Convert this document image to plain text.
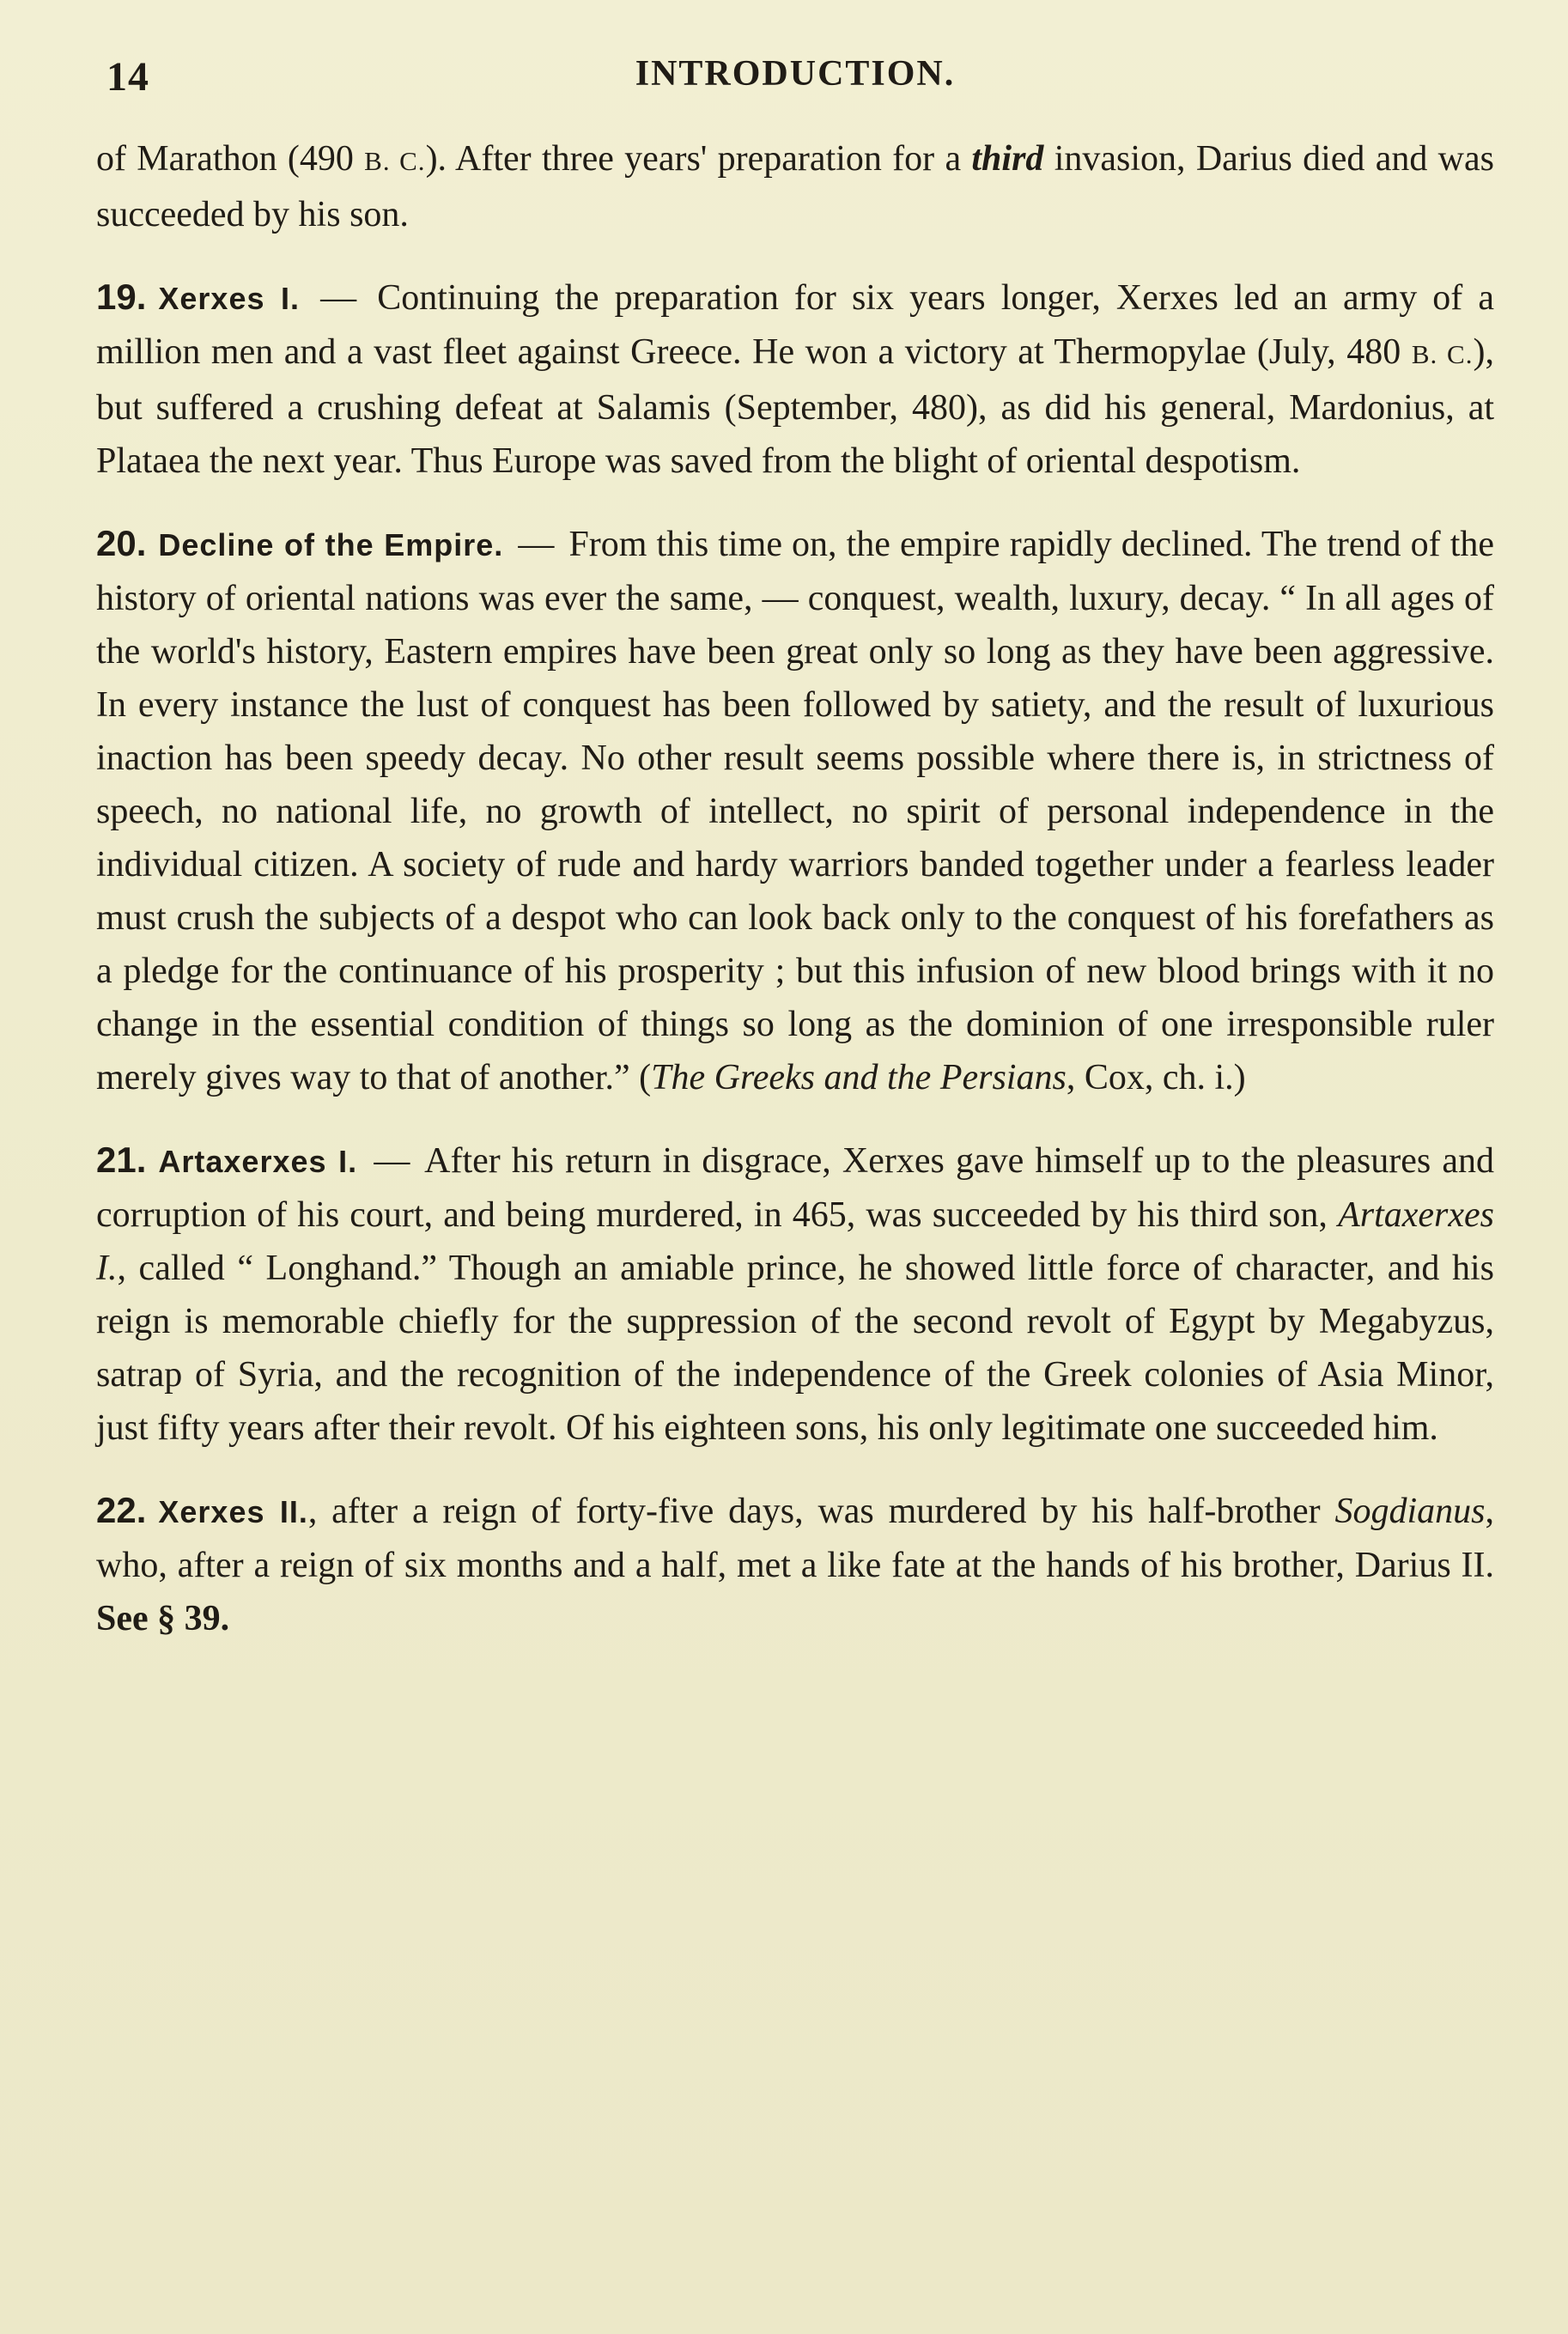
14	INTRODUCTION.

of Marathon (490 B. C.). After three years' preparation for a third invasion, Darius died and was succeeded by his son.

19. Xerxes I. — Continuing the preparation for six years longer, Xerxes led an army of a million men and a vast fleet against Greece. He won a victory at Thermopylae (July, 480 B. C.), but suffered a crushing defeat at Salamis (September, 480), as did his general, Mardonius, at Plataea the next year. Thus Europe was saved from the blight of oriental despotism.

20. Decline of the Empire. — From this time on, the empire rapidly declined. The trend of the history of oriental nations was ever the same, — conquest, wealth, luxury, decay. “ In all ages of the world's history, Eastern empires have been great only so long as they have been aggressive. In every instance the lust of conquest has been followed by satiety, and the result of luxurious inaction has been speedy decay. No other result seems possible where there is, in strictness of speech, no national life, no growth of intellect, no spirit of personal independence in the individual citizen. A society of rude and hardy warriors banded together under a fearless leader must crush the subjects of a despot who can look back only to the conquest of his forefathers as a pledge for the continuance of his prosperity ; but this infusion of new blood brings with it no change in the essential condition of things so long as the dominion of one irresponsible ruler merely gives way to that of another.” (The Greeks and the Persians, Cox, ch. i.)

21. Artaxerxes I. — After his return in disgrace, Xerxes gave himself up to the pleasures and corruption of his court, and being murdered, in 465, was succeeded by his third son, Artaxerxes I., called “ Longhand.” Though an amiable prince, he showed little force of character, and his reign is memorable chiefly for the suppression of the second revolt of Egypt by Megabyzus, satrap of Syria, and the recognition of the independence of the Greek colonies of Asia Minor, just fifty years after their revolt. Of his eighteen sons, his only legitimate one succeeded him.

22. Xerxes II., after a reign of forty-five days, was murdered by his half-brother Sogdianus, who, after a reign of six months and a half, met a like fate at the hands of his brother, Darius II. See § 39.
